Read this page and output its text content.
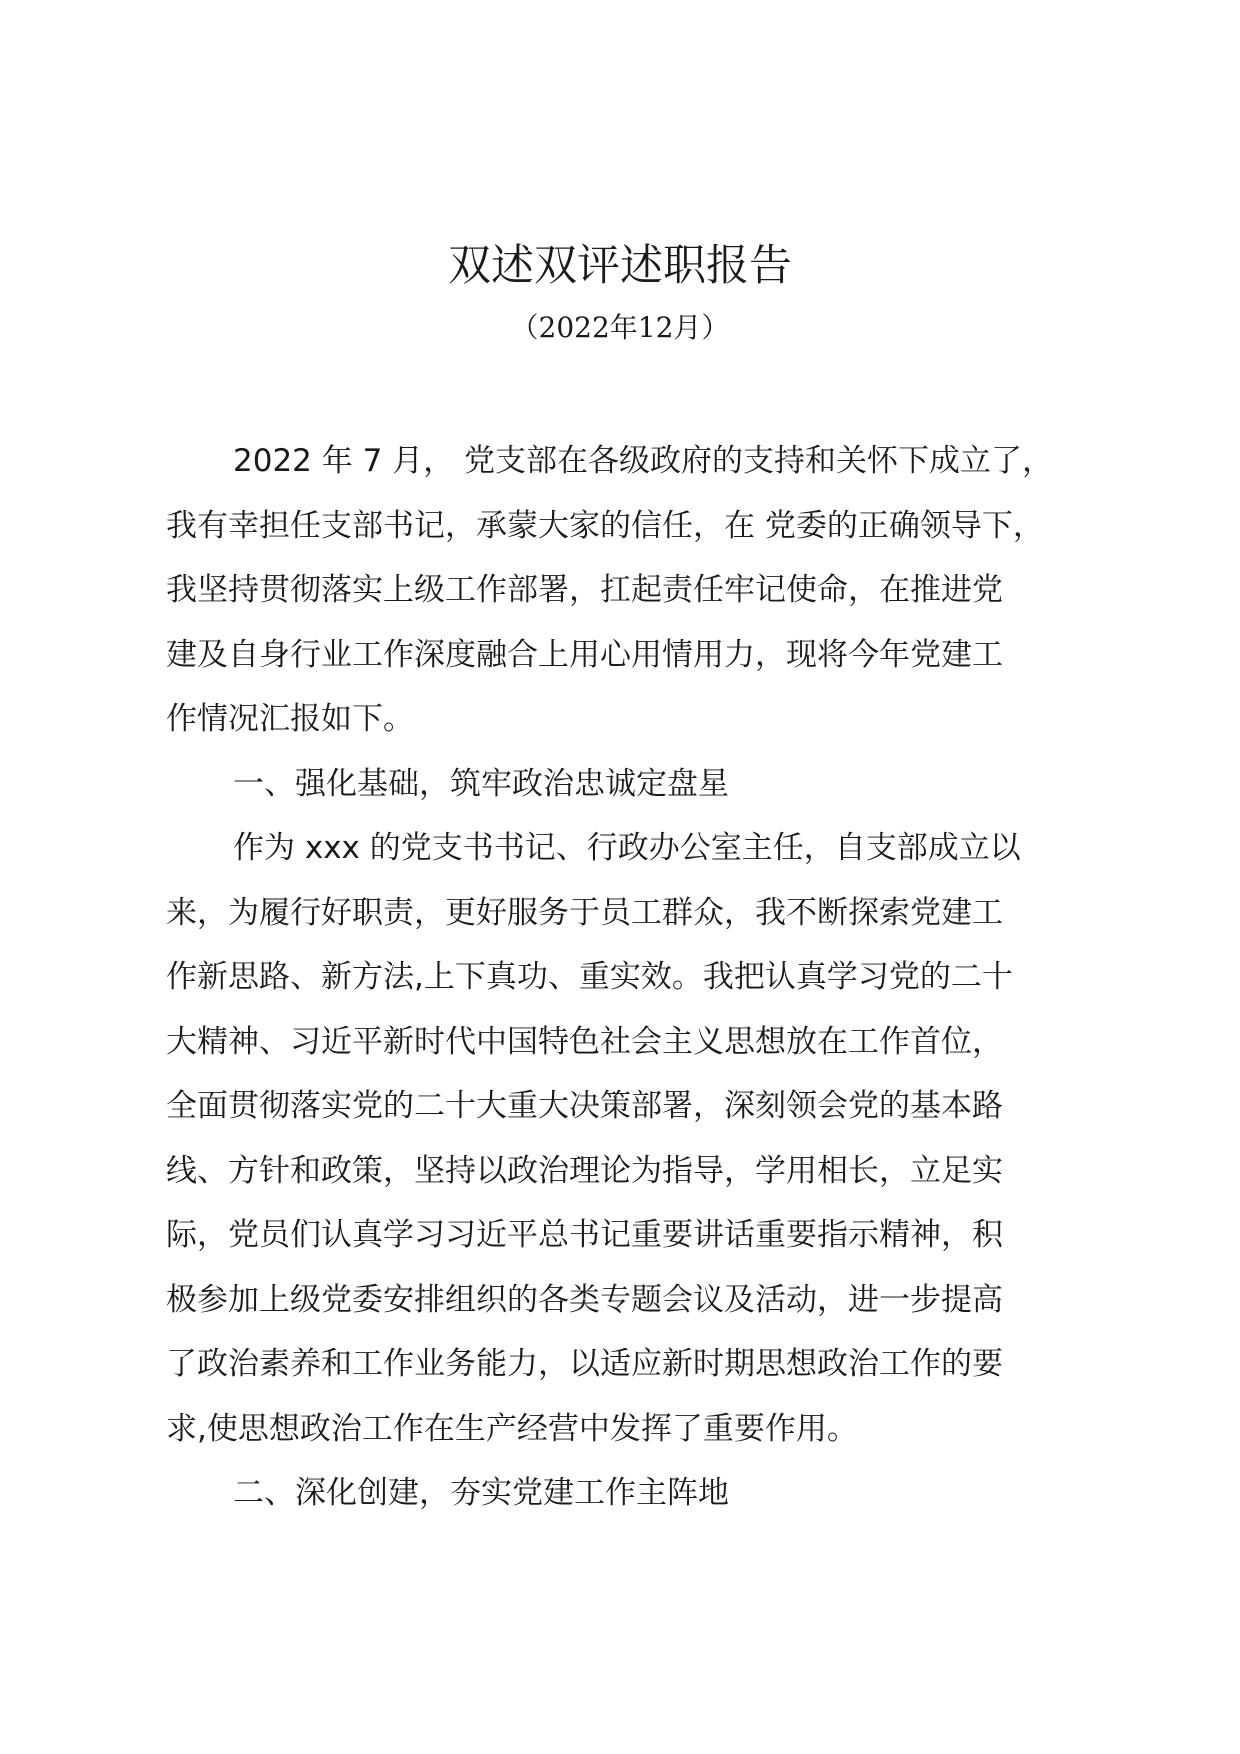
双述双评述职报告
（2022年12月）
2022 年 7 月， 党支部在各级政府的支持和关怀下成立了，
我有幸担任支部书记，承蒙大家的信任，在 党委的正确领导下，
我坚持贯彻落实上级工作部署，扛起责任牢记使命，在推进党
建及自身行业工作深度融合上用心用情用力，现将今年党建工
作情况汇报如下。
一、强化基础，筑牢政治忠诚定盘星
作为 xxx 的党支书书记、行政办公室主任，自支部成立以
来，为履行好职责，更好服务于员工群众，我不断探索党建工
作新思路、新方法,上下真功、重实效。我把认真学习党的二十
大精神、习近平新时代中国特色社会主义思想放在工作首位，
全面贯彻落实党的二十大重大决策部署，深刻领会党的基本路
线、方针和政策，坚持以政治理论为指导，学用相长，立足实
际，党员们认真学习习近平总书记重要讲话重要指示精神，积
极参加上级党委安排组织的各类专题会议及活动，进一步提高
了政治素养和工作业务能力，以适应新时期思想政治工作的要
求,使思想政治工作在生产经营中发挥了重要作用。
二、深化创建，夯实党建工作主阵地
